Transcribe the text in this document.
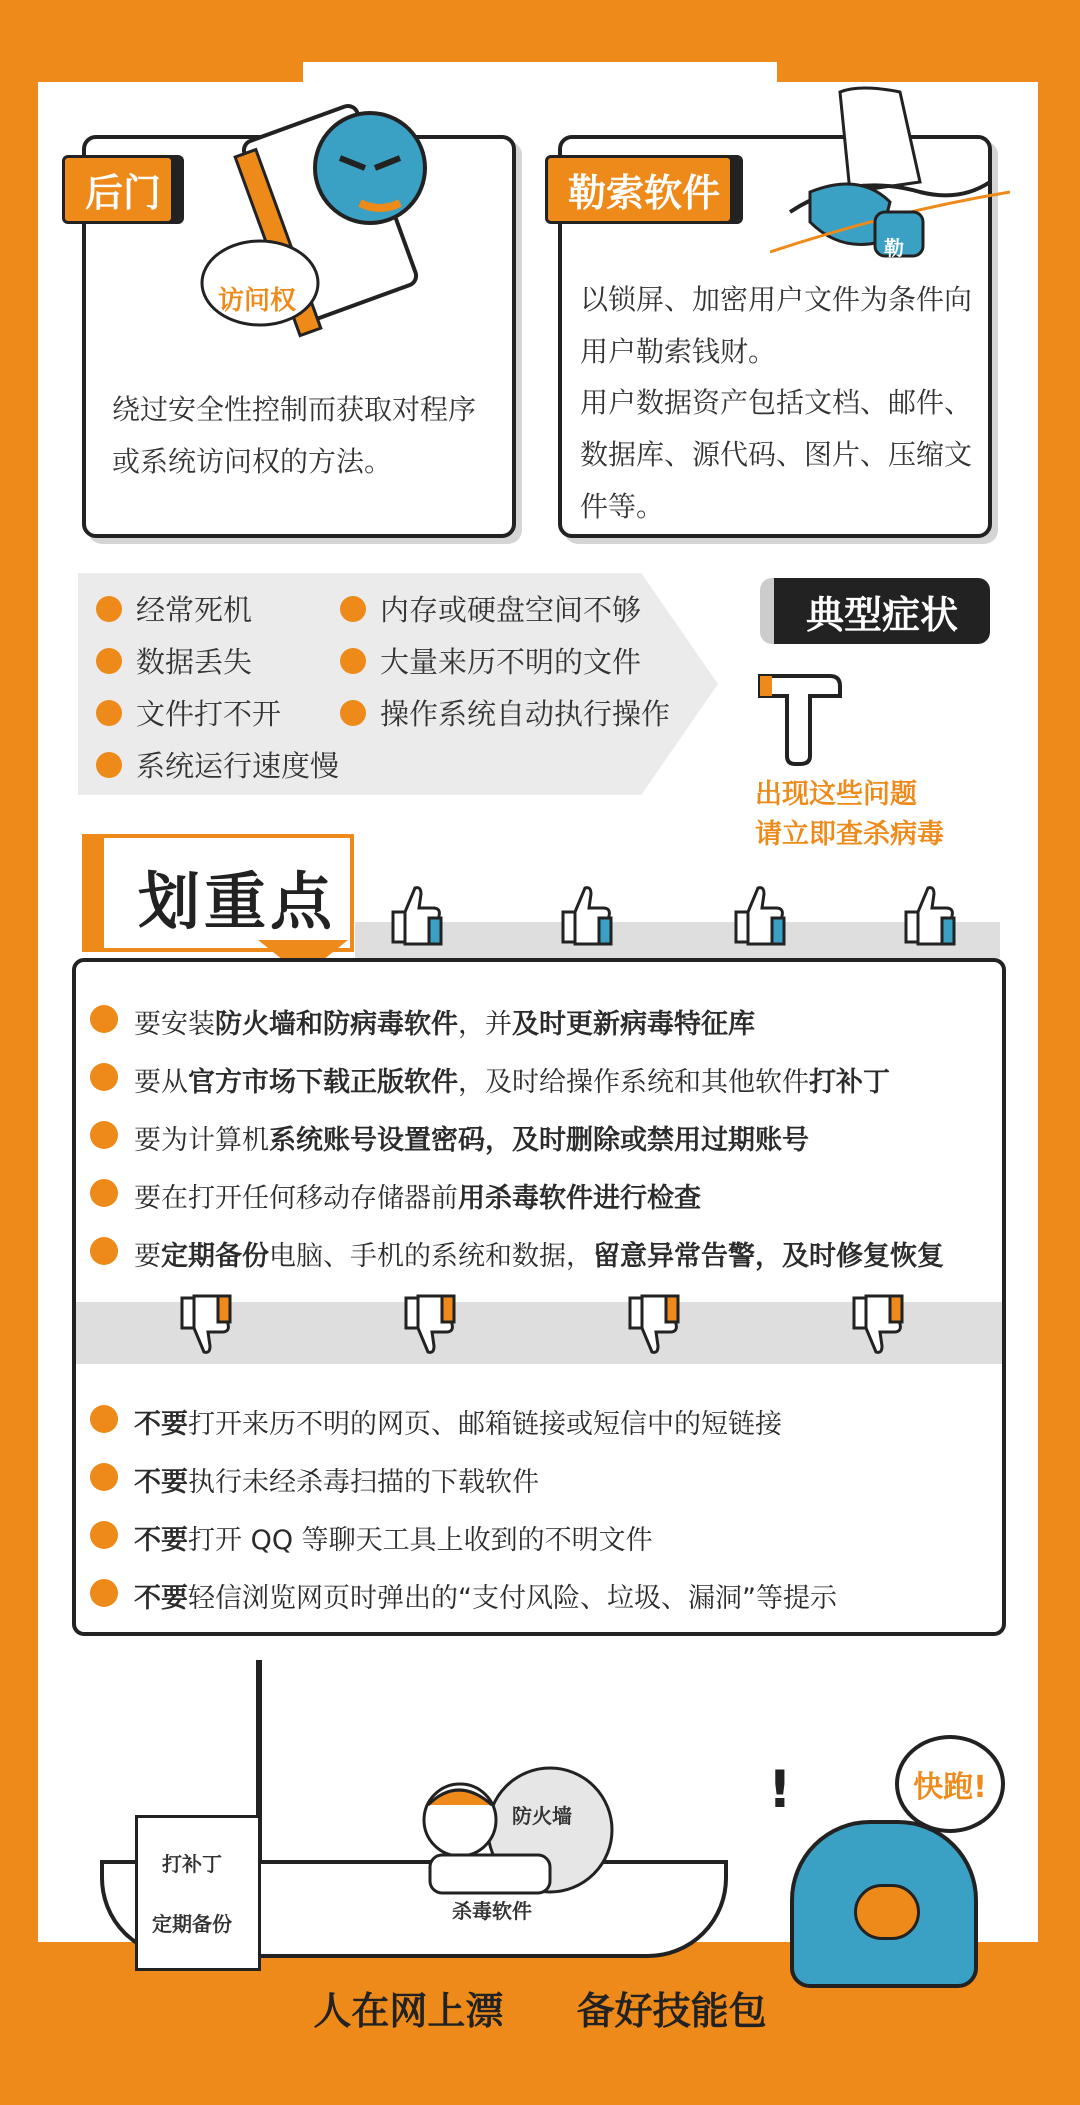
绕过安全性控制而获取对程序或系统访问权的方法。
后门
访问权	以锁屏、加密用户文件为条件向用户勒索钱财。
用户数据资产包括文档、邮件、数据库、源代码、图片、压缩文件等。
勒索软件
勒
经常死机
数据丢失
文件打不开
系统运行速度慢
内存或硬盘空间不够
大量来历不明的文件
操作系统自动执行操作
典型症状
出现这些问题
请立即查杀病毒
划重点
要安装防火墙和防病毒软件，并及时更新病毒特征库
要从官方市场下载正版软件，及时给操作系统和其他软件打补丁
要为计算机系统账号设置密码，及时删除或禁用过期账号
要在打开任何移动存储器前用杀毒软件进行检查
要定期备份电脑、手机的系统和数据，留意异常告警，及时修复恢复
不要打开来历不明的网页、邮箱链接或短信中的短链接
不要执行未经杀毒扫描的下载软件
不要打开 QQ 等聊天工具上收到的不明文件
不要轻信浏览网页时弹出的“支付风险、垃圾、漏洞”等提示
打补丁
定期备份
防火墙
杀毒软件
快跑!
!
人在网上漂 备好技能包
